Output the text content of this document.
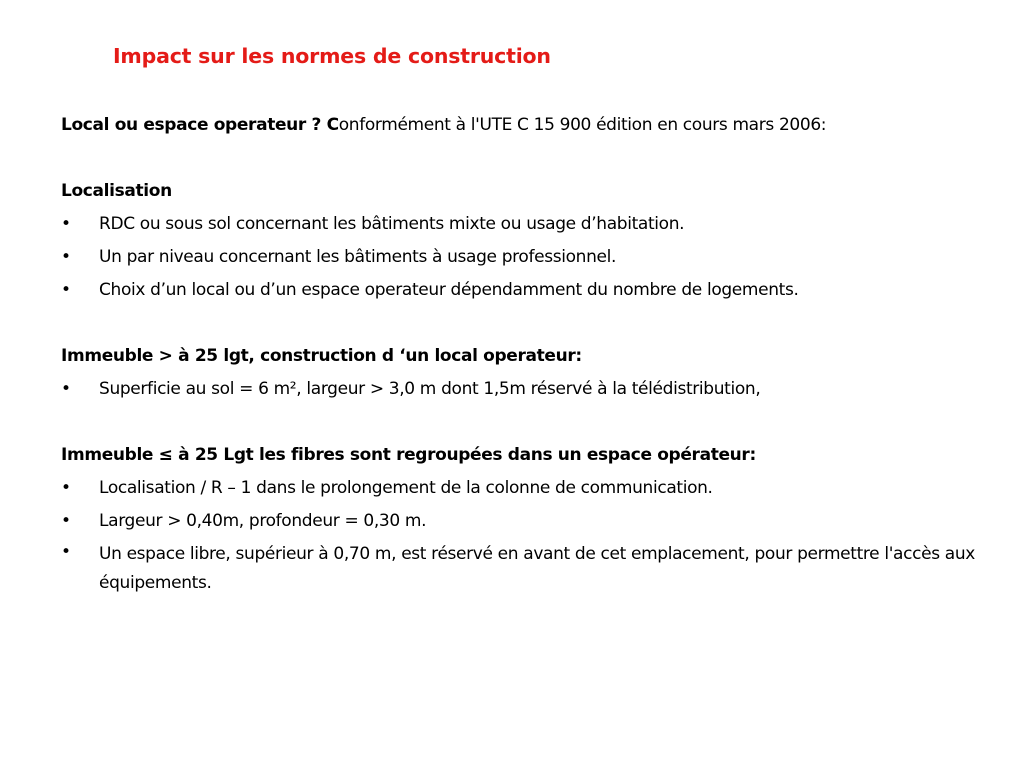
Impact sur les normes de construction
Local ou espace operateur ? Conformément à l'UTE C 15 900 édition en cours mars 2006:
Localisation
• RDC ou sous sol concernant les bâtiments mixte ou usage d’habitation.
• Un par niveau concernant les bâtiments à usage professionnel.
• Choix d’un local ou d’un espace operateur dépendamment du nombre de logements.
Immeuble > à 25 lgt, construction d ‘un local operateur:
• Superficie au sol = 6 m², largeur > 3,0 m dont 1,5m réservé à la télédistribution,
Immeuble ≤ à 25 Lgt les fibres sont regroupées dans un espace opérateur:
• Localisation / R – 1 dans le prolongement de la colonne de communication.
• Largeur > 0,40m, profondeur = 0,30 m.
• Un espace libre, supérieur à 0,70 m, est réservé en avant de cet emplacement, pour permettre l'accès aux équipements.
